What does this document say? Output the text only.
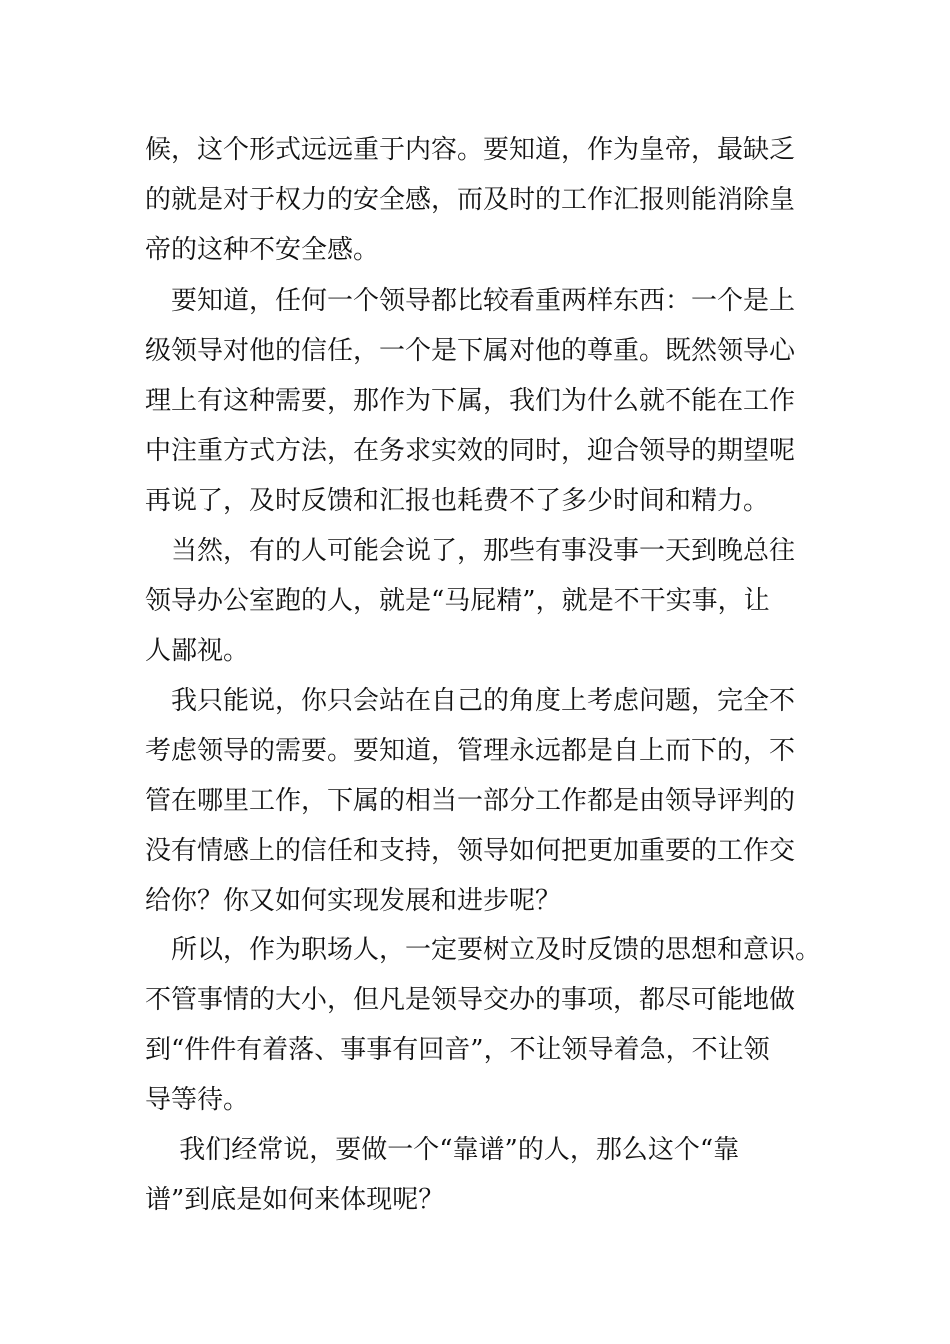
候，这个形式远远重于内容。要知道，作为皇帝，最缺乏
的就是对于权力的安全感，而及时的工作汇报则能消除皇
帝的这种不安全感。
　要知道，任何一个领导都比较看重两样东西：一个是上
级领导对他的信任，一个是下属对他的尊重。既然领导心
理上有这种需要，那作为下属，我们为什么就不能在工作
中注重方式方法，在务求实效的同时，迎合领导的期望呢
再说了，及时反馈和汇报也耗费不了多少时间和精力。
　当然，有的人可能会说了，那些有事没事一天到晚总往
领导办公室跑的人，就是“马屁精”，就是不干实事，让
人鄙视。
　我只能说，你只会站在自己的角度上考虑问题，完全不
考虑领导的需要。要知道，管理永远都是自上而下的，不
管在哪里工作，下属的相当一部分工作都是由领导评判的
没有情感上的信任和支持，领导如何把更加重要的工作交
给你？你又如何实现发展和进步呢？
　所以，作为职场人，一定要树立及时反馈的思想和意识。
不管事情的大小，但凡是领导交办的事项，都尽可能地做
到“件件有着落、事事有回音”，不让领导着急，不让领
导等待。
　 我们经常说，要做一个“靠谱”的人，那么这个“靠
谱”到底是如何来体现呢？
